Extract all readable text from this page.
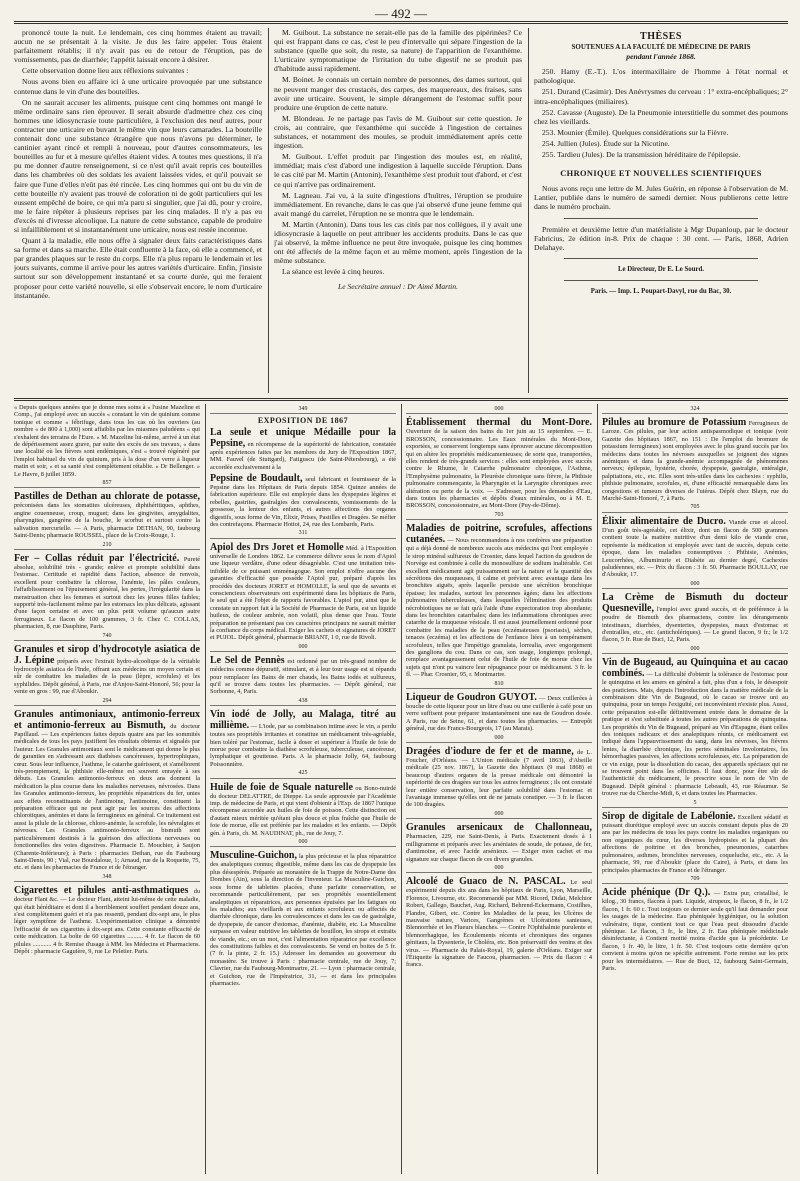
— 492 —

prononcé toute la nuit. Le lendemain, ces cinq hommes étaient au travail; aucun ne se présentait à la visite. Je dus les faire appeler. Tous étaient parfaitement rétablis; il n'y avait pas eu de retour de l'éruption, pas de vomissements, pas de diarrhée; l'appétit laissait encore à désirer.

Cette observation donne lieu aux réflexions suivantes :

Nous avons bien eu affaire ici à une urticaire provoquée par une substance contenue dans le vin d'une des bouteilles.

On ne saurait accuser les aliments, puisque cent cinq hommes ont mangé le même ordinaire sans rien éprouver. Il serait absurde d'admettre chez ces cinq hommes une idiosyncrasie toute particulière, à l'exclusion des neuf autres, pour contracter une urticaire en buvant le même vin que leurs camarades. La bouteille contenait donc une substance étrangère que nous n'avons pu déterminer, le cantinier ayant rincé et rempli à nouveau, pour d'autres consommateurs, les bouteilles au fur et à mesure qu'elles étaient vides. A toutes mes questions, il n'a pu me donner d'autre renseignement, si ce n'est qu'il avait repris ces bouteilles dans les chambrées où des soldats les avaient laissées vides, et qu'il pouvait se faire que l'une d'elles n'eût pas été rincée. Les cinq hommes qui ont bu du vin de cette bouteille n'y avaient pas trouvé de coloration ni de goût particuliers qui les eussent empêché de boire, ce qui m'a paru si singulier, que j'ai dû, pour y croire, me le faire répéter à plusieurs reprises par les cinq malades. Il n'y a pas eu d'excès ni d'ivresse alcoolique. La nature de cette substance, capable de produire si infailliblement et si instantanément une urticaire, nous est restée inconnue.

Quant à la maladie, elle nous offre à signaler deux faits caractéristiques dans sa forme et dans sa marche. Elle était confluente à la face, où elle a commencé, et par grandes plaques sur le reste du corps. Elle n'a plus reparu le lendemain et les jours suivants, comme il arrive pour les autres variétés d'urticaire. Enfin, j'insiste surtout sur son développement instantané et sa courte durée, qui me feraient proposer pour cette variété nouvelle, si elle s'observait encore, le nom d'urticaire instantanée.

M. Guibout. La substance ne serait-elle pas de la famille des pipérinées? Ce qui est frappant dans ce cas, c'est le peu d'intervalle qui sépare l'ingestion de la substance (quelle que soit, du reste, sa nature) de l'apparition de l'exanthème. L'urticaire symptomatique de l'irritation du tube digestif ne se produit pas d'habitude aussi rapidement.

M. Boinet. Je connais un certain nombre de personnes, des dames surtout, qui ne peuvent manger des crustacés, des carpes, des maquereaux, des fraises, sans avoir une urticaire. Souvent, le simple dérangement de l'estomac suffit pour produire une éruption de cette nature.

M. Blondeau. Je ne partage pas l'avis de M. Guibout sur cette question. Je crois, au contraire, que l'exanthème qui succède à l'ingestion de certaines substances, et notamment des moules, se produit immédiatement après cette ingestion.

M. Guibout. L'effet produit par l'ingestion des moules est, en réalité, immédiat; mais c'est d'abord une indigestion à laquelle succède l'éruption. Dans le cas cité par M. Martin (Antonin), l'exanthème s'est produit tout d'abord, et c'est ce qui n'arrive pas ordinairement.

M. Lagneau. J'ai vu, à la suite d'ingestions d'huîtres, l'éruption se produire immédiatement. En revanche, dans le cas que j'ai observé d'une jeune femme qui avait mangé du carrelet, l'éruption ne se montra que le lendemain.

M. Martin (Antonin). Dans tous les cas cités par nos collègues, il y avait une idiosyncrasie à laquelle on peut attribuer les accidents produits. Dans le cas que j'ai observé, la même influence ne peut être invoquée, puisque les cinq hommes ont été affectés de la même façon et au même moment, après l'ingestion de la même substance.

La séance est levée à cinq heures.

Le Secrétaire annuel : Dr Aimé Martin.
THÈSES
SOUTENUES A LA FACULTÉ DE MÉDECINE DE PARIS
pendant l'année 1868.

250. Hamy (E.-T.). L'os intermaxillaire de l'homme à l'état normal et pathologique.

251. Durand (Casimir). Des Anévrysmes du cerveau : 1° extra-encéphaliques; 2° intra-encéphaliques (miliaires).

252. Cavasse (Auguste). De la Pneumonie interstitielle du sommet des poumons chez les vieillards.

253. Mounier (Émile). Quelques considérations sur la Fièvre.

254. Jullien (Jules). Étude sur la Nicotine.

255. Tardieu (Jules). De la transmission héréditaire de l'épilepsie.

CHRONIQUE ET NOUVELLES SCIENTIFIQUES

Nous avons reçu une lettre de M. Jules Guérin, en réponse à l'observation de M. Lantier, publiée dans le numéro de samedi dernier. Nous publierons cette lettre dans le numéro prochain.

Première et deuxième lettre d'un matérialiste à Mgr Dupanloup, par le docteur Fabricius, 2e édition in-8. Prix de chaque : 30 cent. — Paris, 1868, Adrien Delahaye.

Le Directeur, Dr E. Le Sourd.
Paris. — Imp. L. Poupart-Davyl, rue du Bac, 30.

« Depuis quelques années que je donne mes soins à « l'usine Mazeline et Comp., j'ai employé avec un succès « constant le vin de quinium comme tonique et comme « fébrifuge, dans tous les cas où les ouvriers (au nombre « de 800 à 1,000) sont affaiblis par les miasmes paludéens « qui s'exhalent des terrains de l'Eure. « M. Mazeline lui-même, arrivé à un état de dépérissement assez grave, par suite des excès de ses travaux, « dans une localité où les fièvres sont endémiques, s'est « trouvé régénéré par l'emploi habituel du vin de quinium, pris à la dose d'un verre à liqueur matin et soir, « et sa santé s'est complètement rétablie. « Dr Bellenger. » Le Havre, 8 juillet 1859.

857

Pastilles de Dethan au chlorate de potasse, préconisées dans les stomatites ulcéreuses, diphthéritiques, aphthes, angine couenneuse, croup, muguet; dans les gingivites, amygdalites, pharyngites, gangrène de la bouche, le scorbut et surtout contre la salivation mercurielle. — A Paris, pharmacie DETHAN, 90, faubourg Saint-Denis; pharmacie ROUSSEL, place de la Croix-Rouge, 1.

210

Fer – Collas réduit par l'électricité. Pureté absolue, solubilité très - grande; enlève et prompte solubilité dans l'estomac. Certitude et rapidité dans l'action, absence de renvois, excellent pour combattre la chlorose, l'anémie, les pâles couleurs, l'affaiblissement ou l'épuisement général, les pertes, l'irrégularité dans la menstruation chez les femmes et surtout chez les jeunes filles faibles; supporté très-facilement même par les estomacs les plus délicats, agissant d'une façon certaine et avec un plus petit volume qu'aucun autre ferrugineux. Le flacon de 100 grammes, 3 fr. Chez C. COLLAS, pharmacien, 8, rue Dauphine, Paris.

740

Granules et sirop d'hydrocotyle asiatica de J. Lépine préparés avec l'extrait hydro-alcoolique de la véritable hydrocotyle asiatica de l'Inde, offrant aux médecins un moyen certain et sûr de combattre les maladies de la peau (lèpre, scrofules) et les syphilides. Dépôt général, à Paris, rue d'Anjou-Saint-Honoré, 56; pour la vente en gros : 99, rue d'Aboukir.

294

Granules antimoniaux, antimonio-ferreux et antimonio-ferreux au Bismuth, du docteur Papillaud. — Les expériences faites depuis quatre ans par les sommités médicales de tous les pays justifient les résultats obtenus et signalés par l'auteur. Les Granules antimoniaux sont le médicament qui donne le plus de garanties en s'adressant aux diathèses cancéreuses, hypertrophiques, cœur. Sous leur influence, l'asthme, le catarrhe guérissent, et s'améliorent très-promptement, la phthisie elle-même est souvent enrayée à ses débuts. Les Granules antimonio-ferreux en deux ans donnent la médication la plus courue dans les maladies nerveuses, névrosées. Dans les Granules antimonio-ferreux, les propriétés réparatrices du fer, unies aux effets reconstituants de l'antimoine, l'antimoine, constituent la préparation efficace qui ne peut agir par les sources des affections chlorotiques, anémies et dans la ferrugineux en général. Ce traitement est aussi la pilule de la chlorose, chloro-anémie, la scrofule, les névralgies et névroses. Les Granules antimonio-ferreux au bismuth sont particulièrement destinés à la guérison des affections nerveuses ou fonctionnelles des voies digestives. Pharmacie E. Mouchier, à Saujon (Charente-Inférieure); à Paris : pharmacies Dethan, rue du Faubourg Saint-Denis, 90 ; Vial, rue Bourdaloue, 1; Arnaud, rue de la Roquette, 75, etc. et dans les pharmacies de France et de l'étranger.

348

Cigarettes et pilules anti-asthmatiques du docteur Flant &c. — Le docteur Flant, atteint lui-même de cette maladie, qui était héréditaire et dont il a horriblement souffert pendant douze ans, s'est complètement guéri et n'a pas ressenti, pendant dix-sept ans, le plus léger symptôme de l'asthme. L'expérimentation clinique a démontré l'efficacité de ses cigarettes à dix-sept ans. Cette constante efficacité de cette médication. La boîte de 60 cigarettes .......... 4 fr. Le flacon de 60 pilules ............ 4 fr. Remise d'usage à MM. les Médecins et Pharmaciens. Dépôt : pharmacie Gaguière, 9, rue Le Peletier. Paris.

349
EXPOSITION DE 1867

La seule et unique Médaille pour la Pepsine, en récompense de la supériorité de fabrication, constatée après expériences faites par les membres du Jury de l'Exposition 1867, MM. Fauvel (de Stuttgard), Fatiguscu (de Saint-Pétersbourg), a été accordée exclusivement à la

Pepsine de Boudault, seul fabricant et fournisseur de la Pepsine dans les Hôpitaux de Paris depuis 1854. Quinze années de fabrication supérieure. Elle est employée dans les dyspepsies légères et rebelles, gastrites, gastralgies des convalescents, vomissements de la grossesse, la lenteur des enfants, et autres affections des organes digestifs, sous forme de Vin, Elixir, Prises, Pastilles et Dragées. Se méfier des contrefaçons. Pharmacie Hottot, 24, rue des Lombards, Paris.

311

Apiol des Drs Joret et Homolle Méd. à l'Exposition universelle de Londres 1862. Le commerce délivre sous le nom d'Apiol une liqueur verdâtre, d'une odeur désagréable. C'est une imitation très-infidèle de ce puissant emménagogue. Son emploi n'offre aucune des garanties d'efficacité que possède l'Apiol pur, préparé d'après les procédés des docteurs JORET et HOMOLLE, la seul que de savants et consciencieux observateurs ont expérimenté dans les hôpitaux de Paris, le seul qui a été l'objet de rapports favorables. L'apiol pur, ainsi que le constate un rapport fait à la Société de Pharmacie de Paris, est un liquide huileux, de couleur ambrée, non volatil, plus dense que l'eau. Toute préparation ne présentant pas ces caractères principaux ne saurait mériter la confiance du corps médical. Exiger les cachets et signatures de JORET et PUJOL. Dépôt général, pharmacie BRIANT, 1 0, rue de Rivoli.

000

Le Sel de Pennès est ordonné par un très-grand nombre de médecins comme dépuratif, stimulant, et à leur tour usage est si répandu pour remplacer les Bains de mer chauds, les Bains iodés et sulfureux, qu'il se trouve dans toutes les pharmacies. — Dépôt général, rue Sorbonne, 4, Paris.

438

Vin iodé de Jolly, au Malaga, titré au millième. — L'iode, par sa combinaison intime avec le vin, a perdu toutes ses propriétés irritantes et constitue un médicament très-agréable, bien toléré par l'estomac, facile à doser et supérieur à l'huile de foie de morue pour combattre la diathèse scrofuleuse, tuberculeuse, cancéreuse, lymphatique et goutteuse. Paris. A la pharmacie Jolly, 64, faubourg Poissonnière.

425

Huile de foie de Squale naturelle ou Bono-nuirdé du docteur DELATTRE, de Dieppe. La seule approuvée par l'Académie imp. de médecine de Paris, et qui vient d'obtenir à l'Exp. de 1867 l'unique récompense accordée aux huiles de foie de poisson. Cette distinction est d'autant mieux méritée qu'étant plus douce et plus fraîche que l'huile de foie de morue, elle est préférée par les malades et les enfants. — Dépôt gén. à Paris, ch. M. NAUDINAT, ph., rue de Jouy, 7.

000

Musculine-Guichon, la plus précieuse et la plus réparatrice des analeptiques connus; digestible, même dans les cas de dyspepsie les plus désespérés. Préparée au monastère de la Trappe de Notre-Dame des Dombes (Ain), sous la direction de l'inventeur. La Musculine-Guichon, sous forme de tablettes placées, d'une parfaite conservation, se recommande particulièrement, par ses propriétés essentiellement analeptiques et réparatrices, aux personnes épuisées par les fatigues ou les maladies; aux vieillards et aux enfants scrofuleux ou affectés de diarrhée chronique, dans les convalescences et dans les cas de gastralgie, de dyspepsie, de cancer d'estomac, d'anémie, diabète, etc. La Musculine surpasse en valeur nutritive les tablettes de bouillon, les sirops et extraits de viande, etc.; en un mot, c'est l'alimentation réparatrice par excellence des constitutions faibles et des convalescents. Se vend en boites de 5 fr. (7 fr. la pinte, 2 fr. 15.) Adresser les demandes au gouverneur du monastère. Se trouve à Paris : pharmacie centrale, rue de Jouy, 7; Clavrier, rue du Faubourg-Montmartre, 21. — Lyon : pharmacie centrale, et Guichon, rue de l'Impératrice, 31, — et dans les principales pharmacies.

000

Établissement thermal du Mont-Dore. Ouverture de la saison des bains du 1er juin au 15 septembre. — E. BROSSON, concessionnaire. Les Eaux minérales du Mont-Dore, exportées, se conservent longtemps sans éprouver aucune décomposition qui en altère les propriétés médicamenteuses; de sorte que, transportées, elles rendent de très-grands services : elles sont employées avec succès contre le Rhume, le Catarrhe pulmonaire chronique, l'Asthme, l'Emphysème pulmonaire, la Pleurésie chronique sans fièvre, la Phthisie pulmonaire commençante, la Pharyngite et la Laryngite chroniques avec altération ou perte de la voix. — S'adresser, pour les demandes d'Eau, dans toutes les pharmacies et dépôts d'eaux minérales, ou à M. E. BROSSON, concessionnaire, au Mont-Dore (Puy-de-Dôme).

703

Maladies de poitrine, scrofules, affections cutanées. — Nous recommandons à nos confrères une préparation qui a déjà donné de nombreux succès aux médecins qui l'ont employée : le sirop minéral sulfureux de Crosnier, dans lequel l'action du goudron de Norvège est combinée à celle du monosulfure de sodium inaltérable. Cet excellent médicament agit puissamment sur la nature et la quantité des sécrétions des muqueuses, il calme et prévient avec avantage dans les bronchites aiguës, après laquelle persiste une sécrétion bronchique épaisse; les malades, surtout les personnes âgées; dans les affections pulmonaires tuberculeuses, dans lesquelles l'élimination des produits nécrobiotiques ne se fait qu'à l'aide d'une expectoration trop abondante; dans les bronchites catarrhales; dans les inflammations chroniques avec catarrhe de la muqueuse vésicale. Il est aussi journellement ordonné pour combattre les maladies de la peau (eczémateuses (psoriasis), sèches, tenaces (eczéma) et les affections de l'enfance liées à un tempérament scrofuleux, telles que l'impétigo granulata, lorrealia, avec engorgement des ganglions du cou. Dans ce cas, son usage, longtemps prolongé, remplace avantageusement celui de l'huile de foie de morue chez les sujets qui n'ont pu vaincre leur répugnance pour ce médicament. 3 fr. le fl. — Phar. Crosnier, 95, r. Montmartre.

810

Liqueur de Goudron GUYOT. — Deux cuillerées à bouche de cette liqueur pour un litre d'eau ou une cuillerée à café pour un verre suffisent pour préparer instantanément une eau de Goudron dosée. A Paris, rue de Seine, 61, et dans toutes les pharmacies. — Entrepôt général, rue des Francs-Bourgeois, 17 (au Marais).

000

Dragées d'iodure de fer et de manne, de L. Foucher, d'Orléans. — L'Union médicale (7 avril 1863), d'Abeille médicale (25 nov. 1867), la Gazette des hôpitaux (9 mai 1868) et beaucoup d'autres organes de la presse médicale ont démontré la supériorité de ces dragées sur tous les autres ferrugineux ; ils ont constaté leur entière conservation, leur parfaite solubilité dans l'estomac et l'avantage immense qu'elles ont de ne jamais constiper. — 3 fr. le flacon de 100 dragées.

000

Granules arsenicaux de Challonneau, Pharmacien, 229, rue Saint-Denis, à Paris. Exactement dosés à 1 milligramme et préparés avec les arséniates de soude, de potasse, de fer, d'antimoine, et avec l'acide arsénieux. — Exiger mon cachet et ma signature sur chaque flacon de ces divers granules.

000

Alcoolé de Guaco de N. PASCAL. Le seul expérimenté depuis dix ans dans les hôpitaux de Paris, Lyon, Marseille, Florence, Livourne, etc. Recommandé par MM. Ricord, Didat, Melchior Robert, Gallego, Bauchet, Aug. Richard, Behrend-Eckermann, Costilhes, Flandre, Gibert, etc. Contre les Maladies de la peau, les Ulcères de mauvaise nature, Varices, Gangrènes et Ulcérations sanieuses, Blennorrhée et les Flueurs blanches. — Contre l'Ophthalmie purulente et blennorrhagique, les Écoulements récents et chroniques des organes génitaux, la Dysenterie, le Choléra, etc. Bon préservatif des venins et des virus. — Pharmacie du Palais-Royal, 19, galerie d'Orléans. Exiger sur l'Étiquette la signature de Faucou, pharmacien. — Prix du flacon : 4 francs.

324

Pilules au bromure de Potassium Ferrugineux de Laroze. Ces pilules, par leur action antispasmodique et tonique (voir Gazette des hôpitaux 1867, no 151 : De l'emploi du bromure de potassium ferrugineux) sont employées avec le plus grand succès par les médecins dans toutes les névroses auxquelles se joignent des signes anémiques et dans la grande-anémie accompagnée de phénomènes nerveux; épilepsie, hystérie, chorée, dyspepsie, gastralgie, entéralgie, palpitations, etc., etc. Elles sont très-utiles dans les cachexies : syphilis, phthisie pulmonaire, scrofules, et, d'une efficacité remarquable dans les congestions et tumeurs diverses de l'utérus. Dépôt chez Blayn, rue du Marché-Saint-Honoré, 7, à Paris.

705

Élixir alimentaire de Ducro. Viande crue et alcool. D'un goût très-agréable, cet élixir, dont un flacon de 500 grammes contient toute la matière nutritive d'un demi kilo de viande crue, représente la médication si employée avec tant de succès, depuis cette époque, dans les maladies consomptives : Phthisie, Anémies, Leucorrhées, Albuminurie et Diabète au dernier degré, Cachexies paludéennes, etc. — Prix du flacon : 3 fr. 50. Pharmacie BOULLAY, rue d'Aboukir, 17.

000

La Crème de Bismuth du docteur Quesneville, l'emploi avec grand succès, et de préférence à la poudre de Bismuth des pharmaciens, contre les dérangements intestinaux, diarrhées, dysenteries, dyspepsies, maux d'estomac et d'entrailles, etc., etc. (anticholériques). — Le grand flacon, 9 fr.; le 1/2 flacon, 5 fr. Rue de Buci, 12, Paris.

000

Vin de Bugeaud, au Quinquina et au cacao combinés. — La difficulté d'obtenir la tolérance de l'estomac pour le quinquina et les amers en général a fait, plus d'un a fois, le désespoir des praticiens. Mais, depuis l'introduction dans la matière médicale de la combinaison dite Vin de Bugeaud, où le cacao se trouve uni au quinquina, pour un temps l'exiguïté, cet inconvénient n'existe plus. Aussi, cette préparation est-elle définitivement entrée dans le domaine de la pratique et s'est substituée à toutes les autres préparations de quinquina. Les propriétés du Vin de Bugeaud, préparé au Vin d'Espagne, étant celles des toniques radicaux et des analeptiques réunis, ce médicament est indiqué dans l'appauvrissement du sang, dans les névroses, les fièvres lentes, la diarrhée chronique, les pertes séminales involontaires, les hémorrhagies passives, les affections scrofuleuses, etc. La préparation de ce vin exige, pour la dissolution du cacao, des appareils spéciaux qui ne se trouvent point dans les officines. Il faut donc, pour être sûr de l'authenticité du médicament, le prescrire sous le nom de Vin de Bugeaud. Dépôt général : pharmacie Lebeault, 43, rue Réaumur. Se trouve rue du Cherche-Midi, 6, et dans toutes les Pharmacies.

5

Sirop de digitale de Labélonie. Excellent sédatif et puissant diurétique employé avec un succès constant depuis plus de 20 ans par les médecins de tous les pays contre les maladies organiques ou non organiques du cœur, les diverses hydropisies et la plupart des affections de poitrine et des bronches, pneumonies, catarrhes pulmonaires, asthmes, bronchites nerveuses, coqueluche, etc., etc. A la pharmacie, 99, rue d'Aboukir (place du Caire), à Paris, et dans les principales pharmacies de France et de l'étranger.

709

Acide phénique (Dr Q.). — Extra pur, cristallisé, le kilog., 30 francs, flacons à part. Liquide, sirupeux, le flacon, 8 fr., le 1/2 flacon, 1 fr. 60 c. Tout toujours ce dernier seule qu'il faut demander pour les usages de la médecine. Eau phéniquée hygiénique, ou la solution vulnéraire, tique, contient tout ce que l'eau peut dissoudre d'acide phénique. Le flacon, 3 fr., le litre, 2 fr. Eau phéniquée médicinale désinfectante, à Contient moitié moins d'acide que la précédente. Le flacon, 1 fr. 40, le litre, 1 fr. 50. C'est toujours cette dernière qu'on convient à moins qu'on ne spécifie autrement. Forte remise sur les prix pour les intermédiaires. — Rue de Buci, 12, faubourg Saint-Germain, Paris.
